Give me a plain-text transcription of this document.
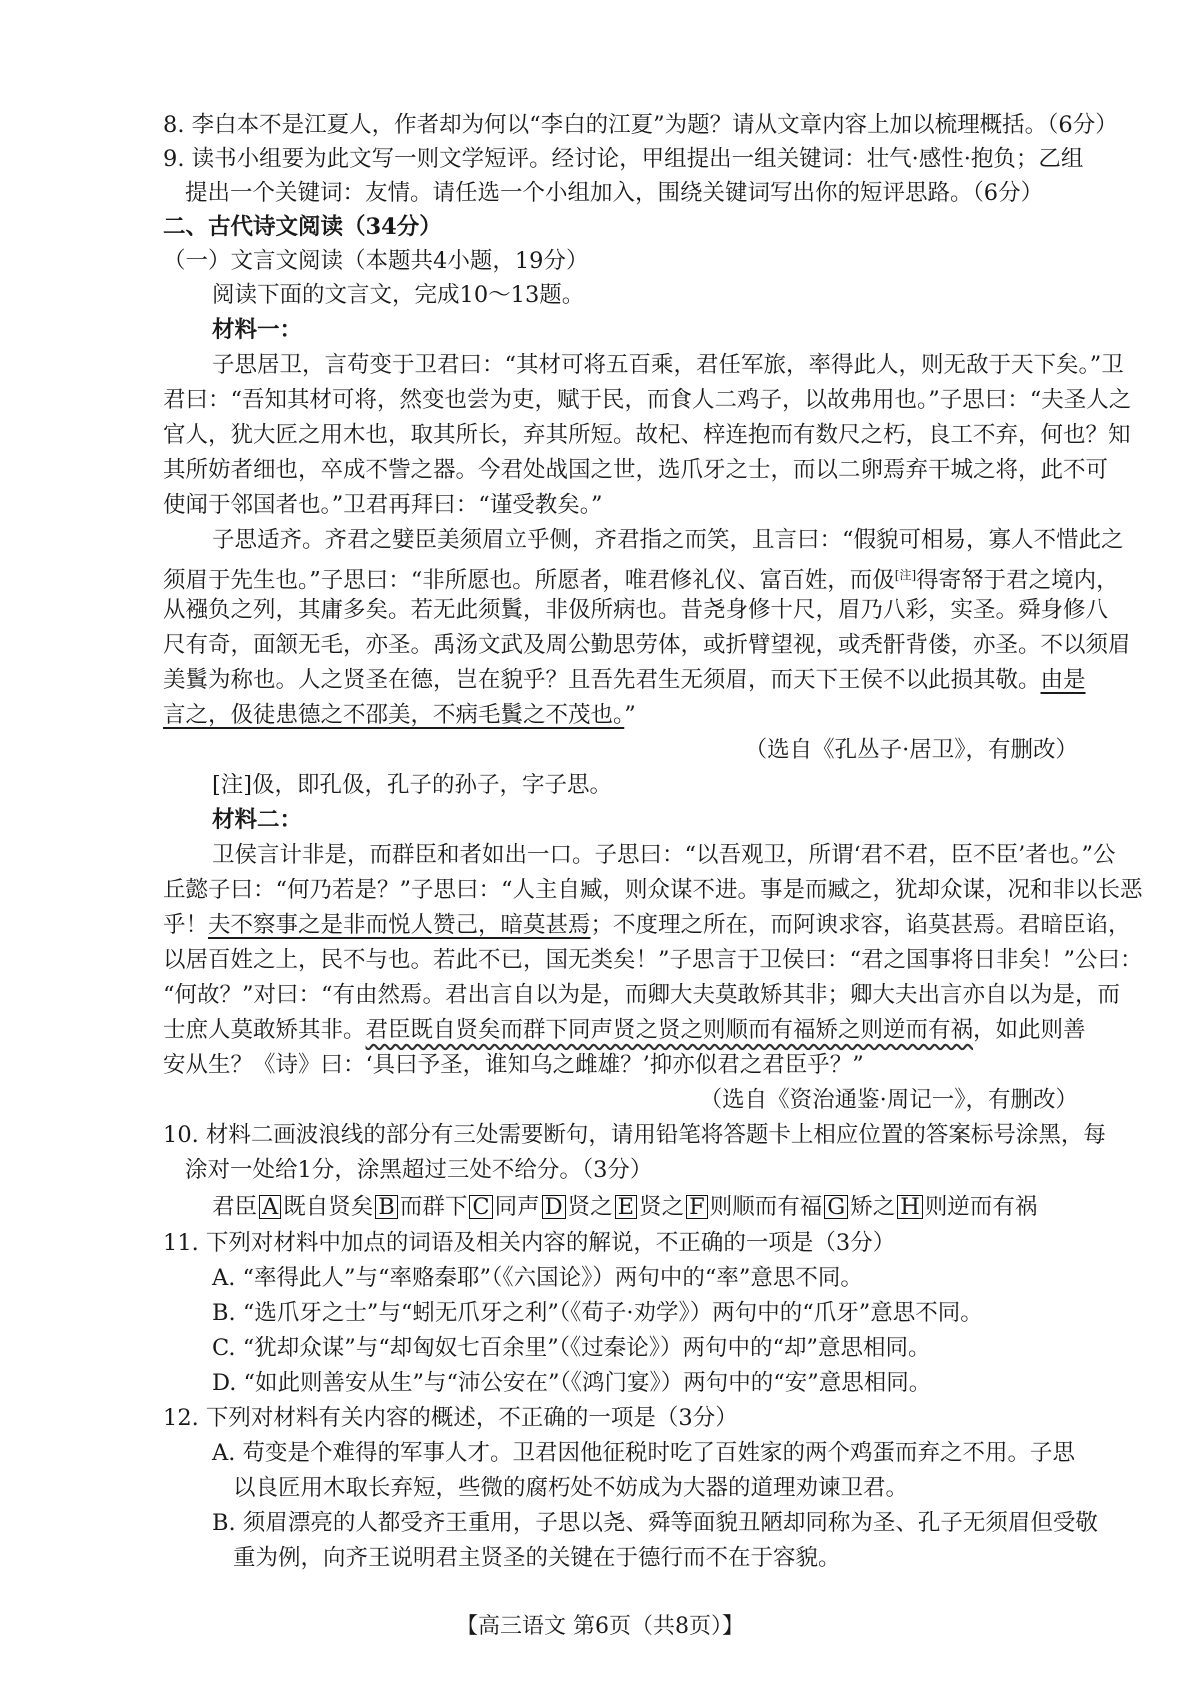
8. 李白本不是江夏人，作者却为何以“李白的江夏”为题？请从文章内容上加以梳理概括。（6分）
9. 读书小组要为此文写一则文学短评。经讨论，甲组提出一组关键词：壮气·感性·抱负；乙组
提出一个关键词：友情。请任选一个小组加入，围绕关键词写出你的短评思路。（6分）
二、古代诗文阅读（34分）
（一）文言文阅读（本题共4小题，19分）
阅读下面的文言文，完成10～13题。
材料一：
子思居卫，言苟变于卫君曰：“其材可将五百乘，君任军旅，率得此人，则无敌于天下矣。”卫
君曰：“吾知其材可将，然变也尝为吏，赋于民，而食人二鸡子，以故弗用也。”子思曰：“夫圣人之
官人，犹大匠之用木也，取其所长，弃其所短。故杞、梓连抱而有数尺之朽，良工不弃，何也？知
其所妨者细也，卒成不訾之器。今君处战国之世，选爪牙之士，而以二卵焉弃干城之将，此不可
使闻于邻国者也。”卫君再拜曰：“谨受教矣。”
子思适齐。齐君之嬖臣美须眉立乎侧，齐君指之而笑，且言曰：“假貌可相易，寡人不惜此之
须眉于先生也。”子思曰：“非所愿也。所愿者，唯君修礼仪、富百姓，而伋[注]得寄帑于君之境内，
从襁负之列，其庸多矣。若无此须鬒，非伋所病也。昔尧身修十尺，眉乃八彩，实圣。舜身修八
尺有奇，面颔无毛，亦圣。禹汤文武及周公勤思劳体，或折臂望视，或秃骭背偻，亦圣。不以须眉
美鬒为称也。人之贤圣在德，岂在貌乎？且吾先君生无须眉，而天下王侯不以此损其敬。由是
言之，伋徒患德之不邵美，不病毛鬒之不茂也。”
（选自《孔丛子·居卫》，有删改）
[注]伋，即孔伋，孔子的孙子，字子思。
材料二：
卫侯言计非是，而群臣和者如出一口。子思曰：“以吾观卫，所谓‘君不君，臣不臣’者也。”公
丘懿子曰：“何乃若是？”子思曰：“人主自臧，则众谋不进。事是而臧之，犹却众谋，况和非以长恶
乎！夫不察事之是非而悦人赞己，暗莫甚焉；不度理之所在，而阿谀求容，谄莫甚焉。君暗臣谄，
以居百姓之上，民不与也。若此不已，国无类矣！”子思言于卫侯曰：“君之国事将日非矣！”公曰：
“何故？”对曰：“有由然焉。君出言自以为是，而卿大夫莫敢矫其非；卿大夫出言亦自以为是，而
士庶人莫敢矫其非。君臣既自贤矣而群下同声贤之贤之则顺而有福矫之则逆而有祸，如此则善
安从生？《诗》曰：‘具曰予圣，谁知乌之雌雄？’抑亦似君之君臣乎？”
（选自《资治通鉴·周记一》，有删改）
10. 材料二画波浪线的部分有三处需要断句，请用铅笔将答题卡上相应位置的答案标号涂黑，每
涂对一处给1分，涂黑超过三处不给分。（3分）
君臣 A 既自贤矣 B 而群下 C 同声 D 贤之 E 贤之 F 则顺而有福 G 矫之 H 则逆而有祸
11. 下列对材料中加点的词语及相关内容的解说，不正确的一项是（3分）
A. “率得此人”与“率赂秦耶”（《六国论》）两句中的“率”意思不同。
B. “选爪牙之士”与“蚓无爪牙之利”（《荀子·劝学》）两句中的“爪牙”意思不同。
C. “犹却众谋”与“却匈奴七百余里”（《过秦论》）两句中的“却”意思相同。
D. “如此则善安从生”与“沛公安在”（《鸿门宴》）两句中的“安”意思相同。
12. 下列对材料有关内容的概述，不正确的一项是（3分）
A. 苟变是个难得的军事人才。卫君因他征税时吃了百姓家的两个鸡蛋而弃之不用。子思
以良匠用木取长弃短，些微的腐朽处不妨成为大器的道理劝谏卫君。
B. 须眉漂亮的人都受齐王重用，子思以尧、舜等面貌丑陋却同称为圣、孔子无须眉但受敬
重为例，向齐王说明君主贤圣的关键在于德行而不在于容貌。
【高三语文 第6页（共8页）】
